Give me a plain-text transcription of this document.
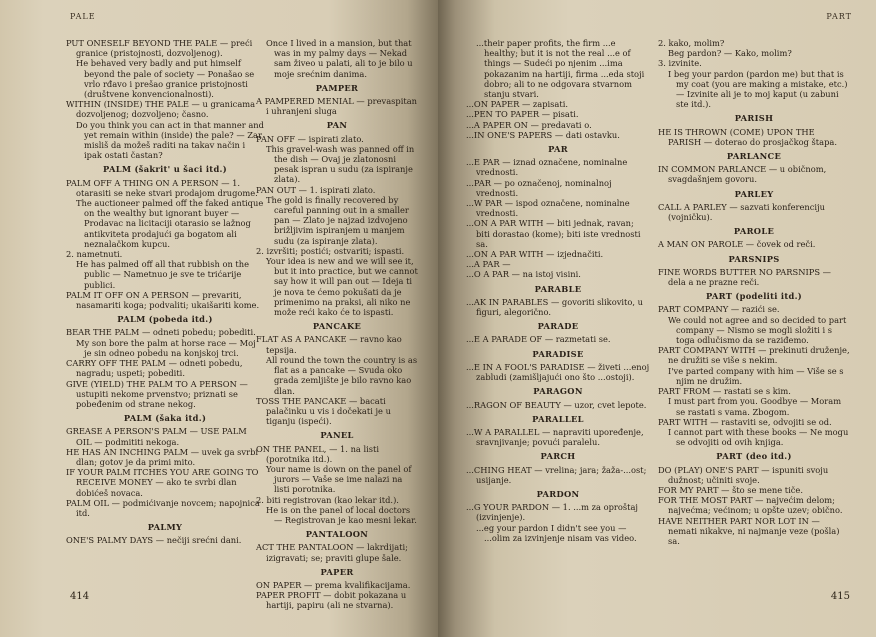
PALE
PUT ONESELF BEYOND THE PALE — preći granice (pristojnosti, dozvoljenog).
He behaved very badly and put himself beyond the pale of society — Ponašao se vrlo rđavo i prešao granice pristojnosti (društvene konvencionalnosti).
WITHIN (INSIDE) THE PALE — u granicama dozvoljenog; dozvoljeno; časno.
Do you think you can act in that manner and yet remain within (inside) the pale? — Zar misliš da možeš raditi na takav način i ipak ostati častan?
PALM (šakrit' u šaci itd.)
PALM OFF A THING ON A PERSON — 1. otarasiti se neke stvari prodajom drugome.
The auctioneer palmed off the faked antique on the wealthy but ignorant buyer — Prodavac na licitaciji otarasio se lažnog antikviteta prodajući ga bogatom ali neznalačkom kupcu.
2. nametnuti.
He has palmed off all that rubbish on the public — Nametnuo je sve te trićarije publici.
PALM IT OFF ON A PERSON — prevariti, nasamariti koga; podvaliti; ukaišariti kome.
PALM (pobeda itd.)
BEAR THE PALM — odneti pobedu; pobediti.
My son bore the palm at horse race — Moj je sin odneo pobedu na konjskoj trci.
CARRY OFF THE PALM — odneti pobedu, nagradu; uspeti; pobediti.
GIVE (YIELD) THE PALM TO A PERSON — ustupiti nekome prvenstvo; priznati se pobeđenim od strane nekog.
PALM (šaka itd.)
GREASE A PERSON'S PALM — USE PALM OIL — podmititi nekoga.
HE HAS AN INCHING PALM — uvek ga svrbi dlan; gotov je da primi mito.
IF YOUR PALM ITCHES YOU ARE GOING TO RECEIVE MONEY — ako te svrbi dlan dobićeš novaca.
PALM OIL — podmićivanje novcem; napojnica itd.
PALMY
ONE'S PALMY DAYS — nečiji srećni dani.
Once I lived in a mansion, but that was in my palmy days — Nekad sam živeo u palati, ali to je bilo u moje srećnim danima.
PAMPER
A PAMPERED MENIAL — prevaspitan i uhranjeni sluga
PAN
PAN OFF — ispirati zlato.
This gravel-wash was panned off in the dish — Ovaj je zlatonosni pesak ispran u sudu (za ispiranje zlata).
PAN OUT — 1. ispirati zlato.
The gold is finally recovered by careful panning out in a smaller pan — Zlato je najzad izdvojeno brižljivim ispiranjem u manjem sudu (za ispiranje zlata).
2. izvršiti; postići; ostvariti; ispasti.
Your idea is new and we will see it, but it into practice, but we cannot say how it will pan out — Ideja ti je nova te ćemo pokušati da je primenimo na praksi, ali niko ne može reći kako će to ispasti.
PANCAKE
FLAT AS A PANCAKE — ravno kao tepsija.
All round the town the country is as flat as a pancake — Svuda oko grada zemljište je bilo ravno kao dlan.
TOSS THE PANCAKE — bacati palačinku u vis i dočekati je u tiganju (ispeći).
PANEL
ON THE PANEL, — 1. na listi (porotnika itd.).
Your name is down on the panel of jurors — Vaše se ime nalazi na listi porotnika.
2. biti registrovan (kao lekar itd.).
He is on the panel of local doctors — Registrovan je kao mesni lekar.
PANTALOON
ACT THE PANTALOON — lakrdijati; izigravati; se; praviti glupe šale.
PAPER
ON PAPER — prema kvalifikacijama.
PAPER PROFIT — dobit pokazana u hartiji, papiru (ali ne stvarna).
414
PART
...their paper profits, the firm ...e healthy; but it is not the real ...e of things — Sudeći po njenim ...ima pokazanim na hartiji, firma ...eda stoji dobro; ali to ne odgovara stvarnom stanju stvari.
...ON PAPER — zapisati.
...PEN TO PAPER — pisati.
...A PAPER ON — predavati o.
...IN ONE'S PAPERS — dati ostavku.
PAR
...E PAR — iznad označene, nominalne vrednosti.
...PAR — po označenoj, nominalnoj vrednosti.
...W PAR — ispod označene, nominalne vrednosti.
...ON A PAR WITH — biti jednak, ravan; biti dorastao (kome); biti iste vrednosti sa.
...ON A PAR WITH — izjednačiti.
...A PAR —
...O A PAR — na istoj visini.
PARABLE
...AK IN PARABLES — govoriti slikovito, u figuri, alegorično.
PARADE
...E A PARADE OF — razmetati se.
PARADISE
...E IN A FOOL'S PARADISE — živeti ...enoj zabludi (zamišljajući ono što ...ostoji).
PARAGON
...RAGON OF BEAUTY — uzor, cvet lepote.
PARALLEL
...W A PARALLEL — napraviti upoređenje, sravnjivanje; povući paralelu.
PARCH
...CHING HEAT — vrelina; jara; žaža-...ost; usijanje.
PARDON
...G YOUR PARDON — 1. ...m za oproštaj (izvinjenje).
...eg your pardon I didn't see you — ...olim za izvinjenje nisam vas video.
2. kako, molim?
Beg pardon? — Kako, molim?
3. izvinite.
I beg your pardon (pardon me) but that is my coat (you are making a mistake, etc.) — Izvinite ali je to moj kaput (u zabuni ste itd.).
PARISH
HE IS THROWN (COME) UPON THE PARISH — doterao do prosjačkog štapa.
PARLANCE
IN COMMON PARLANCE — u običnom, svagdašnjem govoru.
PARLEY
CALL A PARLEY — sazvati konferenciju (vojničku).
PAROLE
A MAN ON PAROLE — čovek od reči.
PARSNIPS
FINE WORDS BUTTER NO PARSNIPS — dela a ne prazne reči.
PART (podeliti itd.)
PART COMPANY — razići se.
We could not agree and so decided to part company — Nismo se mogli složiti i s toga odlučismo da se raziđemo.
PART COMPANY WITH — prekinuti druženje, ne družiti se više s nekim.
I've parted company with him — Više se s njim ne družim.
PART FROM — rastati se s kim.
I must part from you. Goodbye — Moram se rastati s vama. Zbogom.
PART WITH — rastaviti se, odvojiti se od.
I cannot part with these books — Ne mogu se odvojiti od ovih knjiga.
PART (deo itd.)
DO (PLAY) ONE'S PART — ispuniti svoju dužnost; učiniti svoje.
FOR MY PART — što se mene tiče.
FOR THE MOST PART — najvećim delom; najvećma; većinom; u opšte uzev; obično.
HAVE NEITHER PART NOR LOT IN — nemati nikakve, ni najmanje veze (pošla) sa.
415
